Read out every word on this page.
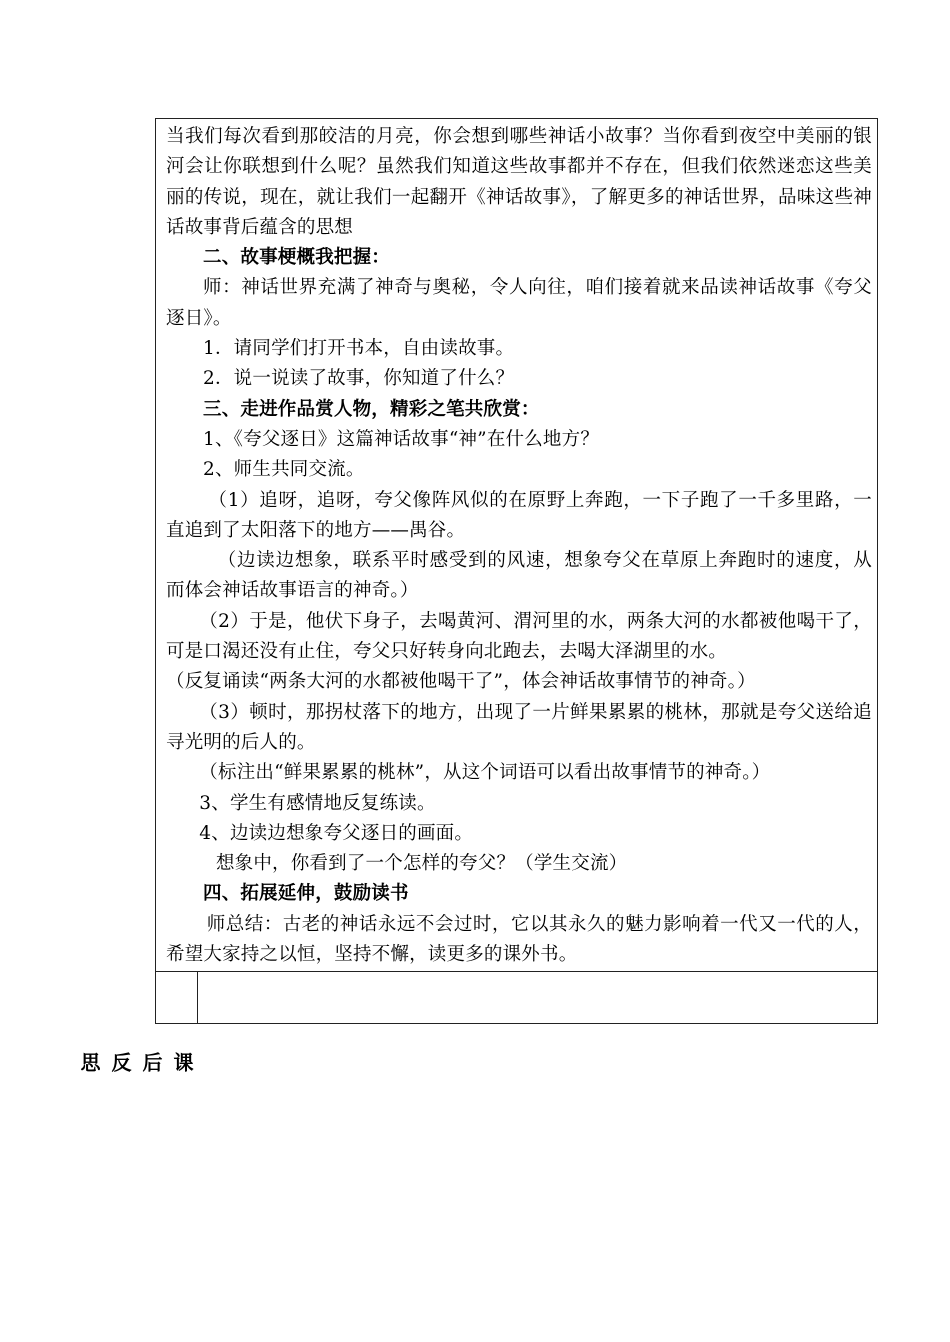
当我们每次看到那皎洁的月亮，你会想到哪些神话小故事？当你看到夜空中美丽的银河会让你联想到什么呢？虽然我们知道这些故事都并不存在，但我们依然迷恋这些美丽的传说，现在，就让我们一起翻开《神话故事》，了解更多的神话世界，品味这些神话故事背后蕴含的思想

二、故事梗概我把握：

师：神话世界充满了神奇与奥秘，令人向往，咱们接着就来品读神话故事《夸父逐日》。

1．请同学们打开书本，自由读故事。

2．说一说读了故事，你知道了什么？

三、走进作品赏人物，精彩之笔共欣赏：

1、《夸父逐日》这篇神话故事“神”在什么地方？

2、师生共同交流。

（1）追呀，追呀，夸父像阵风似的在原野上奔跑，一下子跑了一千多里路，一直追到了太阳落下的地方——禺谷。

（边读边想象，联系平时感受到的风速，想象夸父在草原上奔跑时的速度，从而体会神话故事语言的神奇。）

（2）于是，他伏下身子，去喝黄河、渭河里的水，两条大河的水都被他喝干了，可是口渴还没有止住，夸父只好转身向北跑去，去喝大泽湖里的水。

（反复诵读“两条大河的水都被他喝干了”，体会神话故事情节的神奇。）

（3）顿时，那拐杖落下的地方，出现了一片鲜果累累的桃林，那就是夸父送给追寻光明的后人的。

（标注出“鲜果累累的桃林”，从这个词语可以看出故事情节的神奇。）

3、学生有感情地反复练读。

4、边读边想象夸父逐日的画面。

想象中，你看到了一个怎样的夸父？（学生交流）

四、拓展延伸，鼓励读书

师总结：古老的神话永远不会过时，它以其永久的魅力影响着一代又一代的人，希望大家持之以恒，坚持不懈，读更多的课外书。

课后反思
